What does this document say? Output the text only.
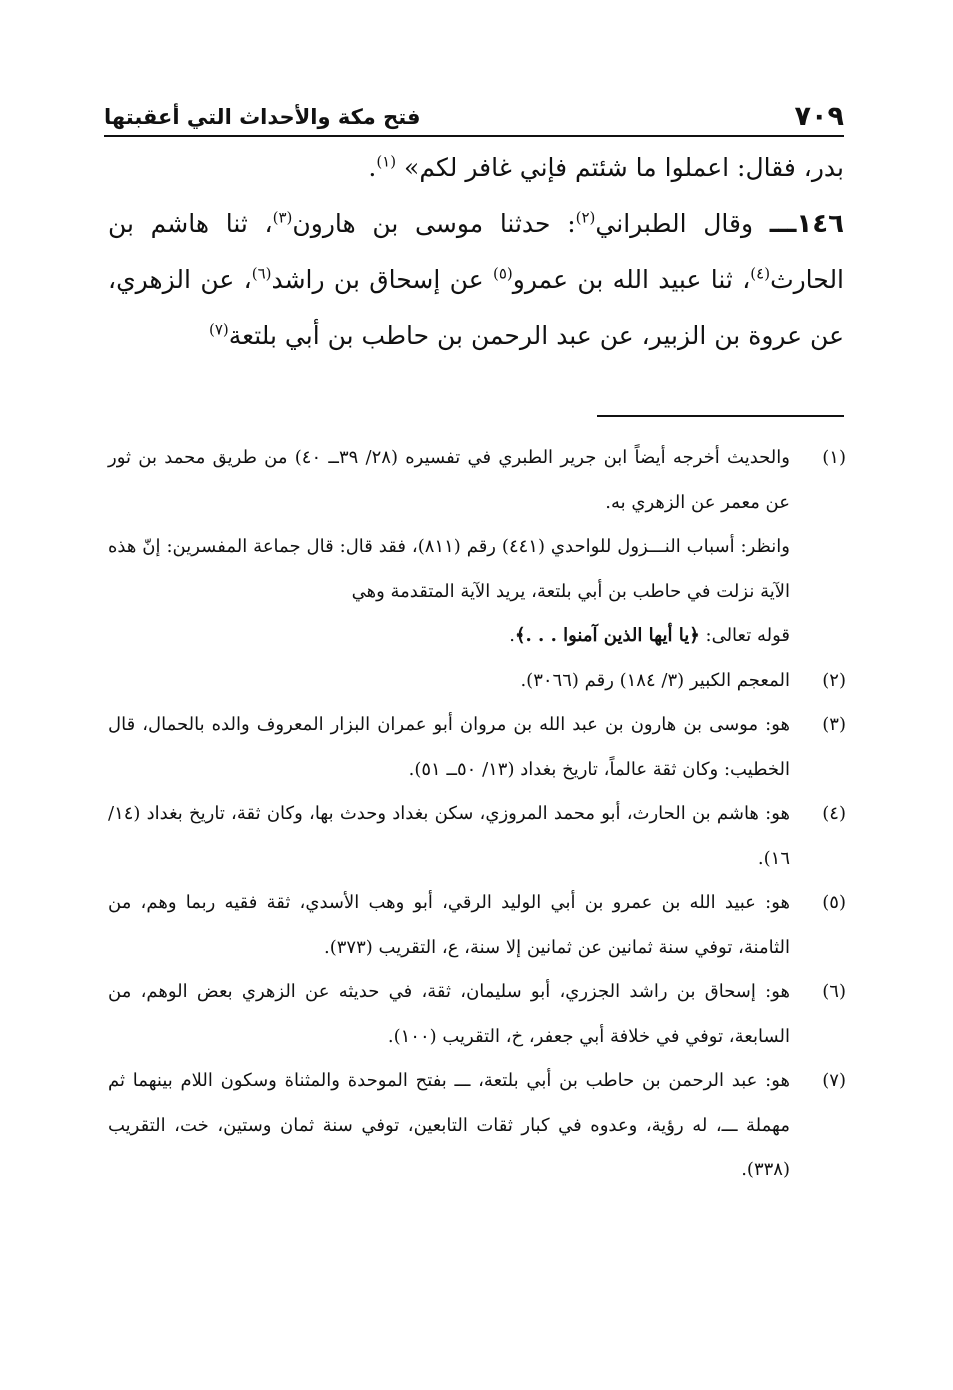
٧٠٩
فتح مكة والأحداث التي أعقبتها

بدر، فقال: اعملوا ما شئتم فإني غافر لكم» $^{(١)}$.

١٤٦ـــ وقال الطبراني$^{(٢)}$: حدثنا موسى بن هارون$^{(٣)}$، ثنا هاشم بن الحارث$^{(٤)}$، ثنا عبيد الله بن عمرو$^{(٥)}$ عن إسحاق بن راشد$^{(٦)}$، عن الزهري، عن عروة بن الزبير، عن عبد الرحمن بن حاطب بن أبي بلتعة$^{(٧)}$

(١)

والحديث أخرجه أيضاً ابن جرير الطبري في تفسيره (٢٨/ ٣٩ــ ٤٠) من طريق محمد بن ثور عن معمر عن الزهري به.

وانظر: أسباب النـــزول للواحدي (٤٤١) رقم (٨١١)، فقد قال: قال جماعة المفسرين: إنّ هذه الآية نزلت في حاطب بن أبي بلتعة، يريد الآية المتقدمة وهي

قوله تعالى: ﴿يا أيها الذين آمنوا . . .﴾.

(٢)
المعجم الكبير (٣/ ١٨٤) رقم (٣٠٦٦).
(٣)
هو: موسى بن هارون بن عبد الله بن مروان أبو عمران البزار المعروف والده بالحمال، قال الخطيب: وكان ثقة عالماً، تاريخ بغداد (١٣/ ٥٠ــ ٥١).
(٤)
هو: هاشم بن الحارث، أبو محمد المروزي، سكن بغداد وحدث بها، وكان ثقة، تاريخ بغداد (١٤/ ١٦).
(٥)
هو: عبيد الله بن عمرو بن أبي الوليد الرقي، أبو وهب الأسدي، ثقة فقيه ربما وهم، من الثامنة، توفي سنة ثمانين عن ثمانين إلا سنة، ع، التقريب (٣٧٣).
(٦)
هو: إسحاق بن راشد الجزري، أبو سليمان، ثقة، في حديثه عن الزهري بعض الوهم، من السابعة، توفي في خلافة أبي جعفر، خ، التقريب (١٠٠).
(٧)
هو: عبد الرحمن بن حاطب بن أبي بلتعة، ـــ بفتح الموحدة والمثناة وسكون اللام بينهما ثم مهملة ـــ، له رؤية، وعدوه في كبار ثقات التابعين، توفي سنة ثمان وستين، خت، التقريب (٣٣٨).
